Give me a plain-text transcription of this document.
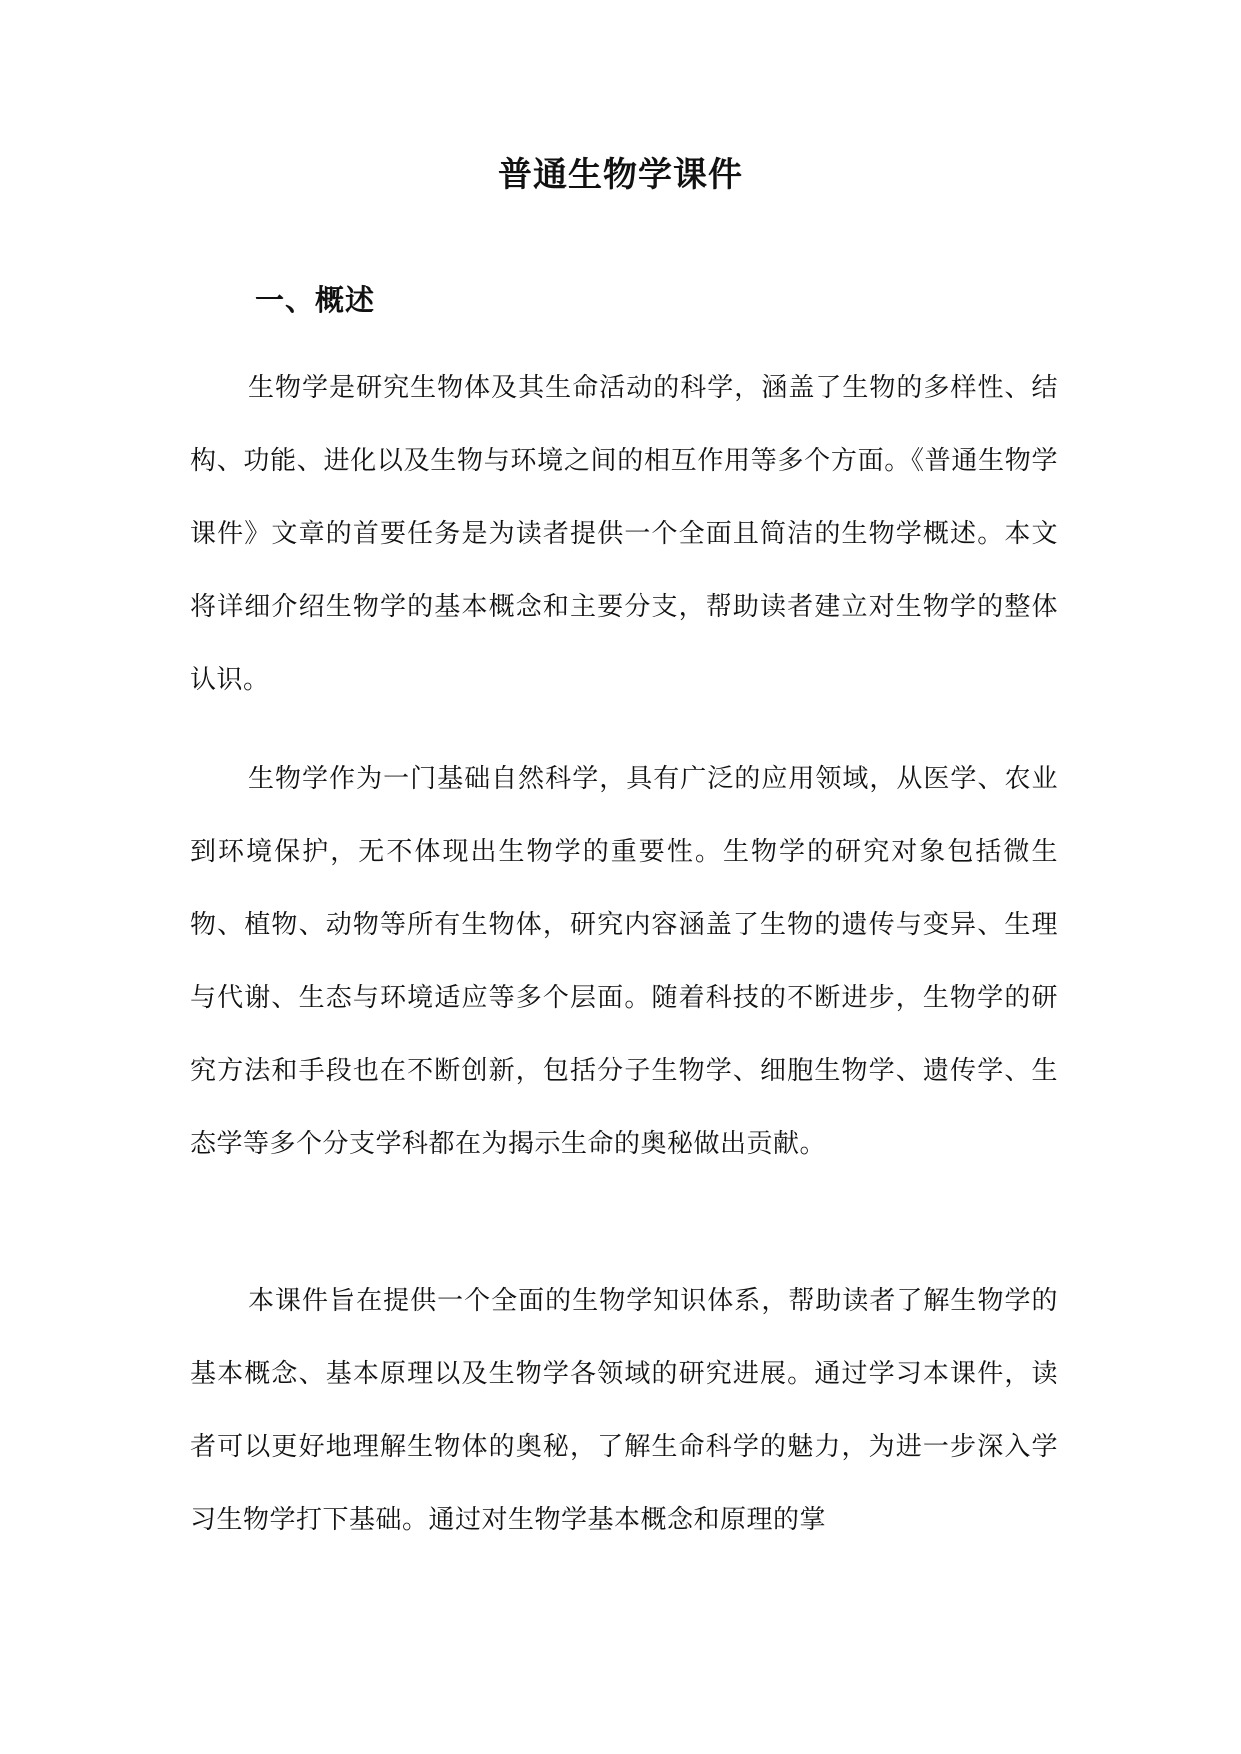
普通生物学课件
一、概述

生物学是研究生物体及其生命活动的科学，涵盖了生物的多样性、结构、功能、进化以及生物与环境之间的相互作用等多个方面。《普通生物学课件》文章的首要任务是为读者提供一个全面且简洁的生物学概述。本文将详细介绍生物学的基本概念和主要分支，帮助读者建立对生物学的整体认识。

生物学作为一门基础自然科学，具有广泛的应用领域，从医学、农业到环境保护，无不体现出生物学的重要性。生物学的研究对象包括微生物、植物、动物等所有生物体，研究内容涵盖了生物的遗传与变异、生理与代谢、生态与环境适应等多个层面。随着科技的不断进步，生物学的研究方法和手段也在不断创新，包括分子生物学、细胞生物学、遗传学、生态学等多个分支学科都在为揭示生命的奥秘做出贡献。

本课件旨在提供一个全面的生物学知识体系，帮助读者了解生物学的基本概念、基本原理以及生物学各领域的研究进展。通过学习本课件，读者可以更好地理解生物体的奥秘，了解生命科学的魅力，为进一步深入学习生物学打下基础。通过对生物学基本概念和原理的掌
